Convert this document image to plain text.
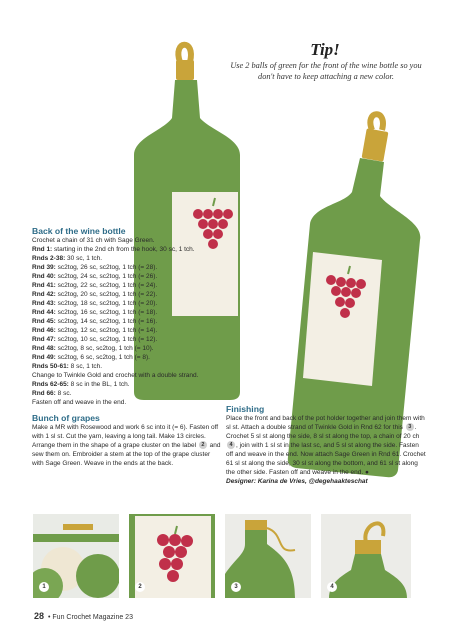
Tip!
Use 2 balls of green for the front of the wine bottle so you don't have to keep attaching a new color.
Back of the wine bottle

Crochet a chain of 31 ch with Sage Green.

Rnd 1: starting in the 2nd ch from the hook, 30 sc, 1 tch.

Rnds 2-38: 30 sc, 1 tch.

Rnd 39: sc2tog, 26 sc, sc2tog, 1 tch (= 28).

Rnd 40: sc2tog, 24 sc, sc2tog, 1 tch (= 26).

Rnd 41: sc2tog, 22 sc, sc2tog, 1 tch (= 24).

Rnd 42: sc2tog, 20 sc, sc2tog, 1 tch (= 22).

Rnd 43: sc2tog, 18 sc, sc2tog, 1 tch (= 20).

Rnd 44: sc2tog, 16 sc, sc2tog, 1 tch (= 18).

Rnd 45: sc2tog, 14 sc, sc2tog, 1 tch (= 16).

Rnd 46: sc2tog, 12 sc, sc2tog, 1 tch (= 14).

Rnd 47: sc2tog, 10 sc, sc2tog, 1 tch (= 12).

Rnd 48: sc2tog, 8 sc, sc2tog, 1 tch (= 10).

Rnd 49: sc2tog, 6 sc, sc2tog, 1 tch (= 8).

Rnds 50-61: 8 sc, 1 tch.

Change to Twinkle Gold and crochet with a double strand.

Rnds 62-65: 8 sc in the BL, 1 tch.

Rnd 66: 8 sc.

Fasten off and weave in the end.

Bunch of grapes

Make a MR with Rosewood and work 6 sc into it (= 6). Fasten off with 1 sl st. Cut the yarn, leaving a long tail. Make 13 circles. Arrange them in the shape of a grape cluster on the label 2 and sew them on. Embroider a stem at the top of the grape cluster with Sage Green. Weave in the ends at the back.

Finishing

Place the front and back of the pot holder together and join them with sl st. Attach a double strand of Twinkle Gold in Rnd 62 for this 3 . Crochet 5 sl st along the side, 8 sl st along the top, a chain of 20 ch 4 , join with 1 sl st in the last sc, and 5 sl st along the side. Fasten off and weave in the end. Now attach Sage Green in Rnd 61. Crochet 61 sl st along the side, 30 sl st along the bottom, and 61 sl st along the other side. Fasten off and weave in the end. ●

Designer: Karina de Vries, @degehaakteschat

1	2	3	4
28 • Fun Crochet Magazine 23
